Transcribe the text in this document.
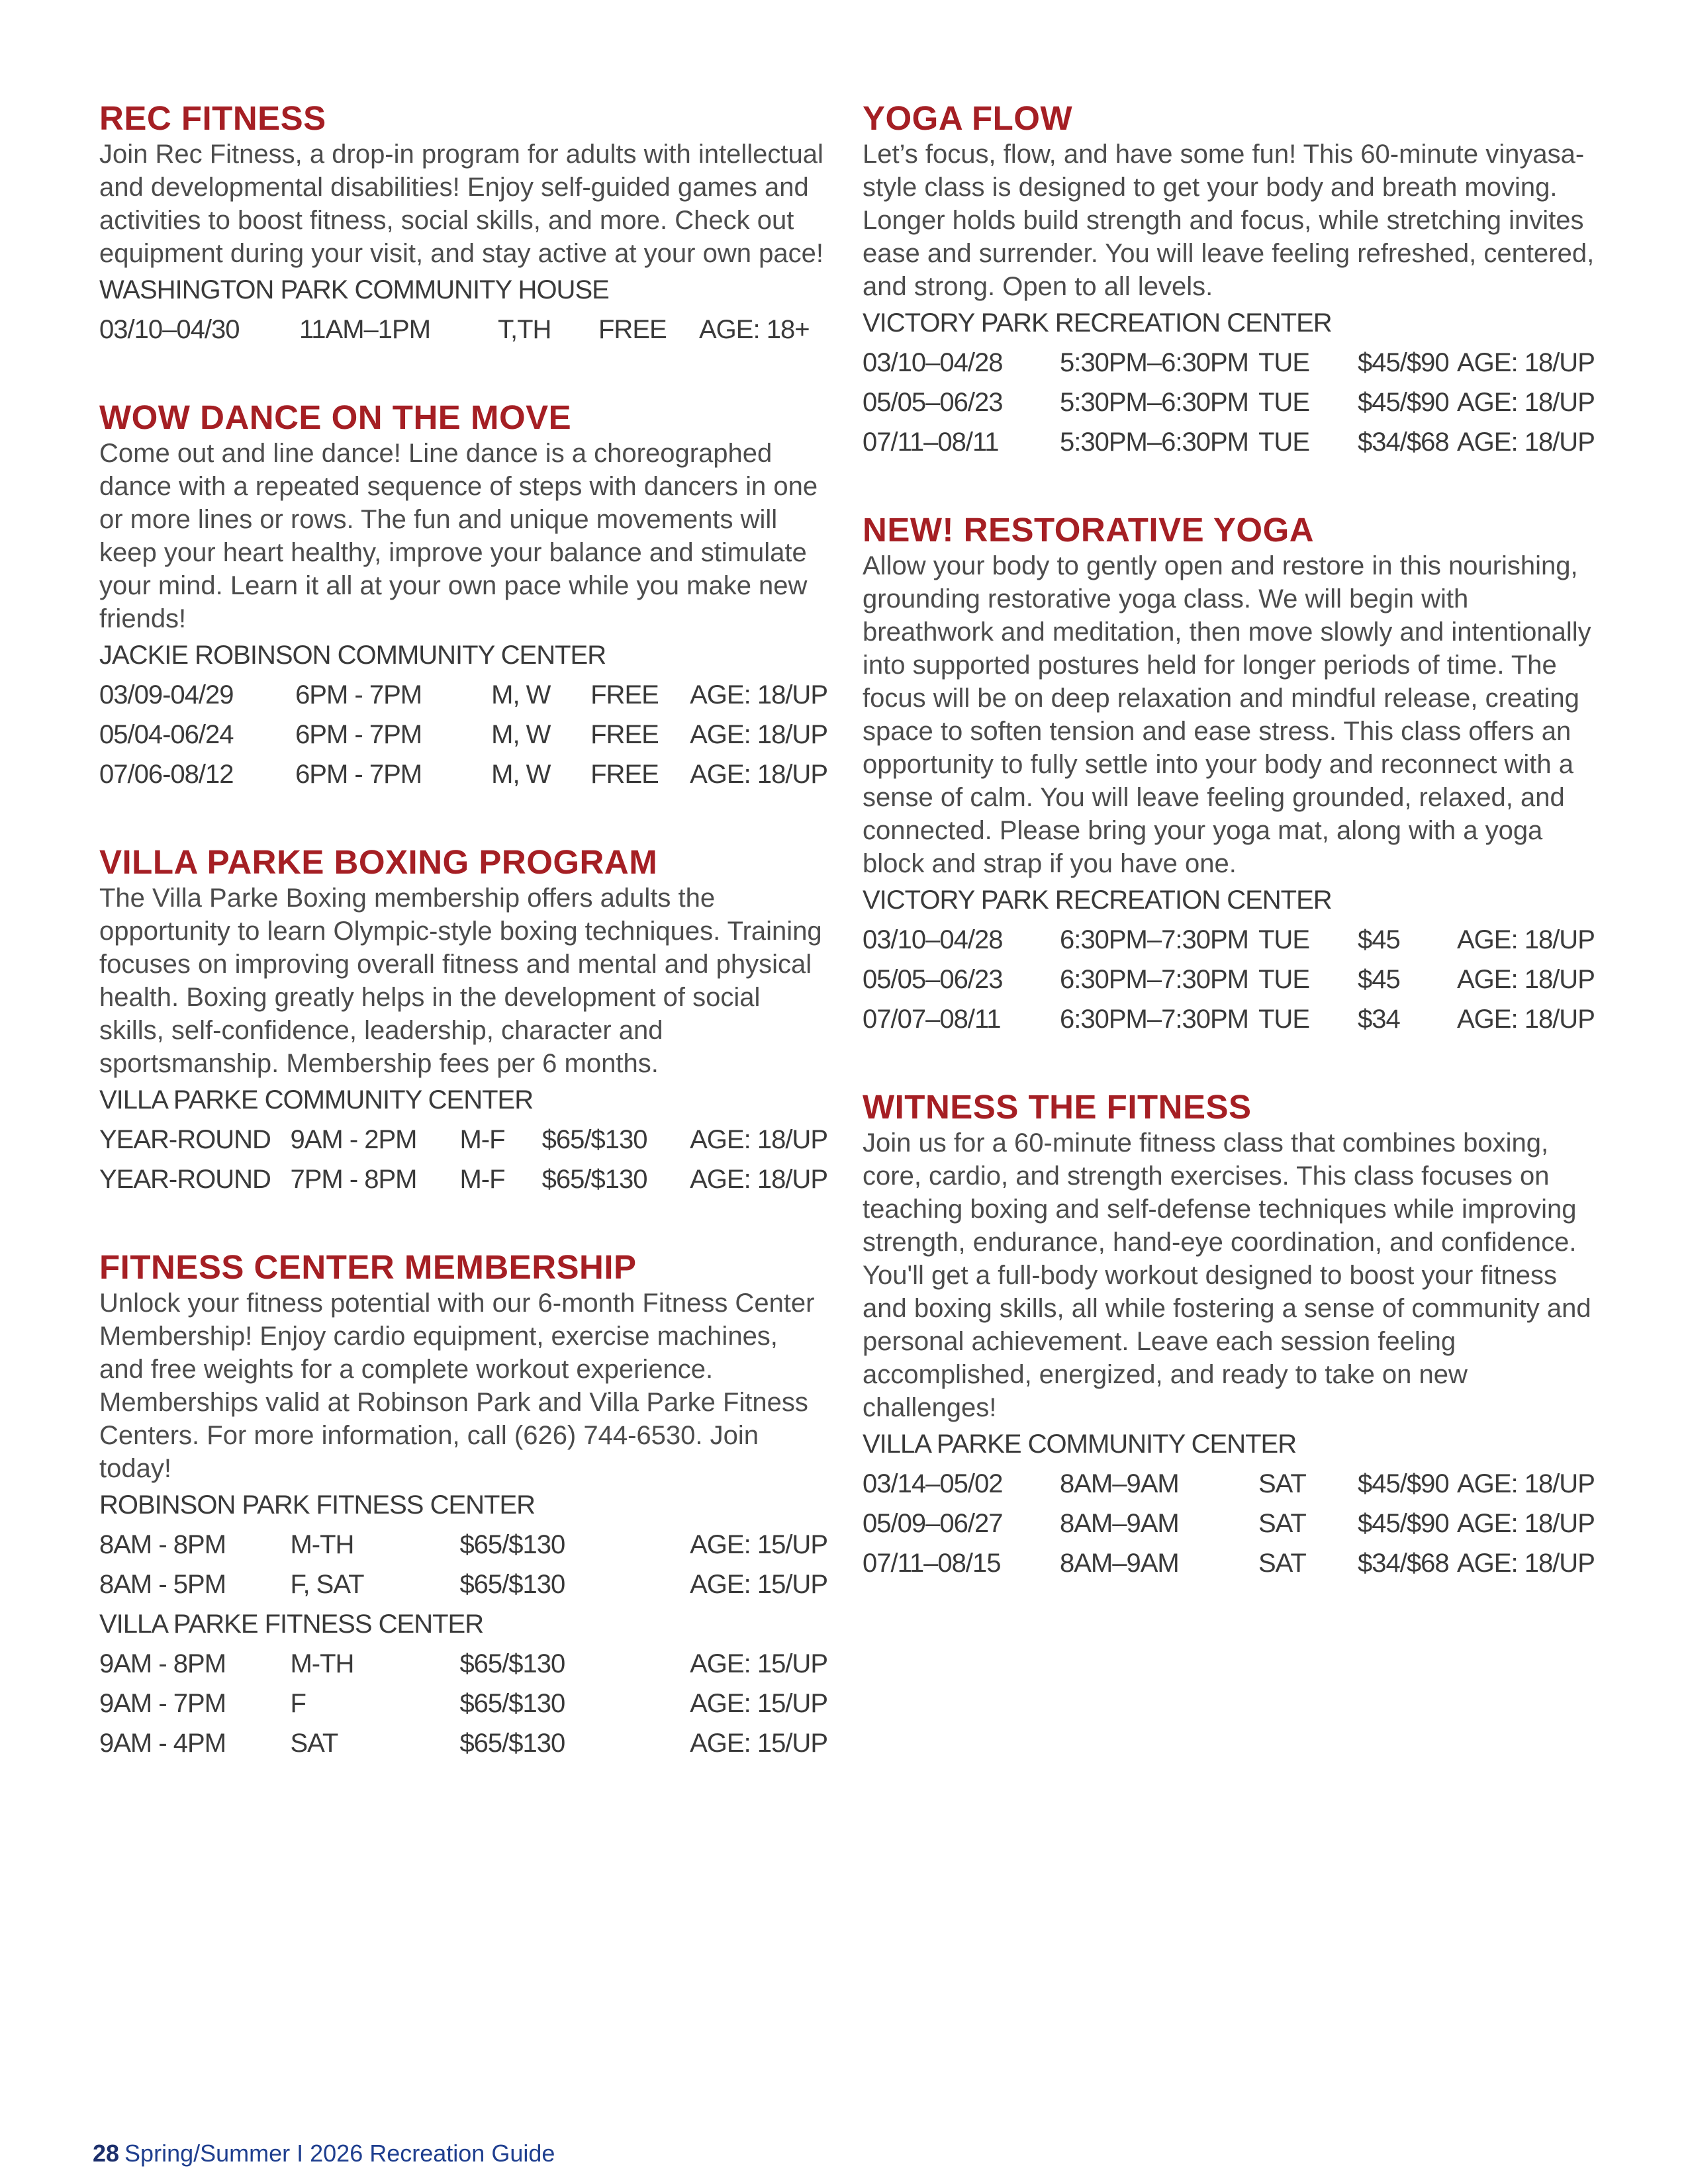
REC FITNESS

Join Rec Fitness, a drop-in program for adults with intellectual and developmental disabilities! Enjoy self-guided games and activities to boost fitness, social skills, and more. Check out equipment during your visit, and stay active at your own pace!

WASHINGTON PARK COMMUNITY HOUSE
03/10–04/30	11AM–1PM	T,TH	FREE	AGE: 18+
WOW DANCE ON THE MOVE

Come out and line dance! Line dance is a choreographed dance with a repeated sequence of steps with dancers in one or more lines or rows. The fun and unique movements will keep your heart healthy, improve your balance and stimulate your mind. Learn it all at your own pace while you make new friends!

JACKIE ROBINSON COMMUNITY CENTER
03/09-04/29	6PM - 7PM	M, W	FREE	AGE: 18/UP
05/04-06/24	6PM - 7PM	M, W	FREE	AGE: 18/UP
07/06-08/12	6PM - 7PM	M, W	FREE	AGE: 18/UP
VILLA PARKE BOXING PROGRAM

The Villa Parke Boxing membership offers adults the opportunity to learn Olympic-style boxing techniques. Training focuses on improving overall fitness and mental and physical health. Boxing greatly helps in the development of social skills, self-confidence, leadership, character and sportsmanship. Membership fees per 6 months.

VILLA PARKE COMMUNITY CENTER
YEAR-ROUND 9AM - 2PM	M-F	$65/$130	AGE: 18/UP
YEAR-ROUND 7PM - 8PM	M-F	$65/$130	AGE: 18/UP
FITNESS CENTER MEMBERSHIP

Unlock your fitness potential with our 6-month Fitness Center Membership! Enjoy cardio equipment, exercise machines, and free weights for a complete workout experience. Memberships valid at Robinson Park and Villa Parke Fitness Centers. For more information, call (626) 744-6530. Join today!

ROBINSON PARK FITNESS CENTER
8AM - 8PM	M-TH	$65/$130	AGE: 15/UP
8AM - 5PM	F, SAT	$65/$130	AGE: 15/UP
VILLA PARKE FITNESS CENTER
9AM - 8PM	M-TH	$65/$130	AGE: 15/UP
9AM - 7PM	F	$65/$130	AGE: 15/UP
9AM - 4PM	SAT	$65/$130	AGE: 15/UP
YOGA FLOW

Let’s focus, flow, and have some fun! This 60-minute vinyasa-style class is designed to get your body and breath moving. Longer holds build strength and focus, while stretching invites ease and surrender. You will leave feeling refreshed, centered, and strong. Open to all levels.

VICTORY PARK RECREATION CENTER
03/10–04/28	5:30PM–6:30PM TUE	$45/$90 AGE: 18/UP
05/05–06/23	5:30PM–6:30PM TUE	$45/$90 AGE: 18/UP
07/11–08/11	5:30PM–6:30PM TUE	$34/$68 AGE: 18/UP
NEW! RESTORATIVE YOGA

Allow your body to gently open and restore in this nourishing, grounding restorative yoga class. We will begin with breathwork and meditation, then move slowly and intentionally into supported postures held for longer periods of time. The focus will be on deep relaxation and mindful release, creating space to soften tension and ease stress. This class offers an opportunity to fully settle into your body and reconnect with a sense of calm. You will leave feeling grounded, relaxed, and connected. Please bring your yoga mat, along with a yoga block and strap if you have one.

VICTORY PARK RECREATION CENTER
03/10–04/28	6:30PM–7:30PM TUE	$45	AGE: 18/UP
05/05–06/23	6:30PM–7:30PM TUE	$45	AGE: 18/UP
07/07–08/11	6:30PM–7:30PM TUE	$34	AGE: 18/UP
WITNESS THE FITNESS

Join us for a 60-minute fitness class that combines boxing, core, cardio, and strength exercises. This class focuses on teaching boxing and self-defense techniques while improving strength, endurance, hand-eye coordination, and confidence. You'll get a full-body workout designed to boost your fitness and boxing skills, all while fostering a sense of community and personal achievement. Leave each session feeling accomplished, energized, and ready to take on new challenges!

VILLA PARKE COMMUNITY CENTER
03/14–05/02	8AM–9AM	SAT	$45/$90 AGE: 18/UP
05/09–06/27	8AM–9AM	SAT	$45/$90 AGE: 18/UP
07/11–08/15	8AM–9AM	SAT	$34/$68 AGE: 18/UP
28 Spring/Summer I 2026 Recreation Guide
